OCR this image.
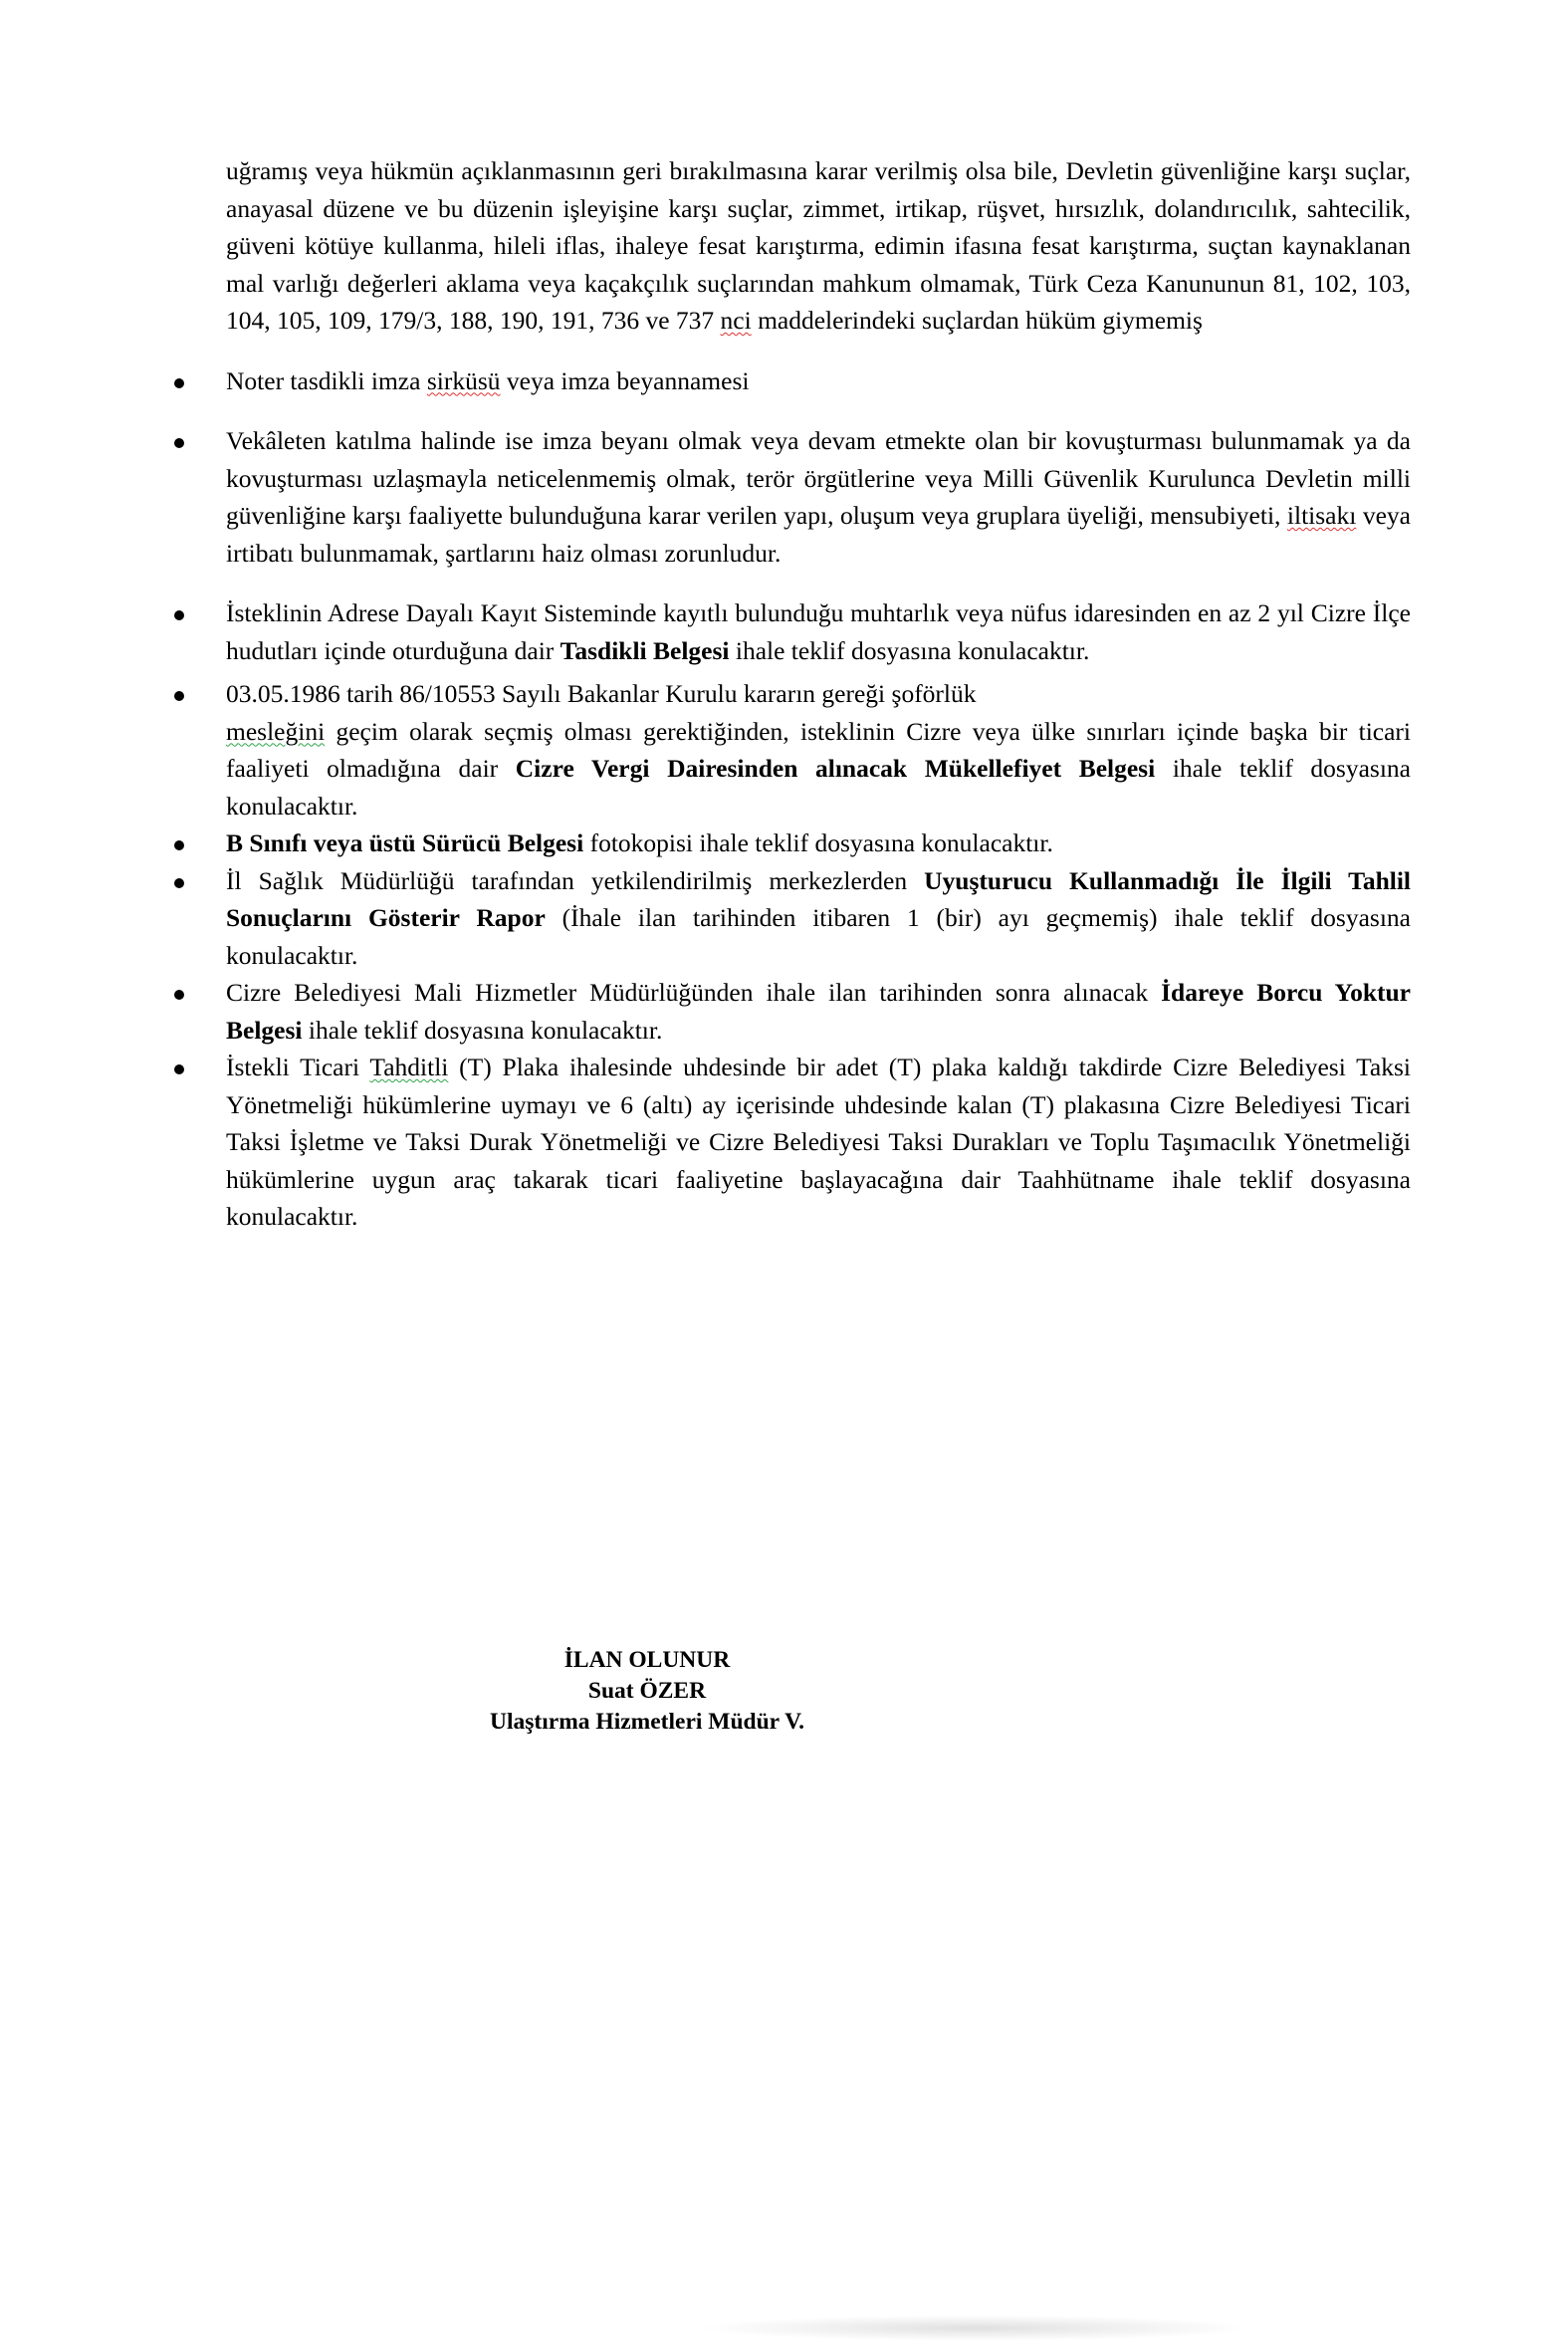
uğramış veya hükmün açıklanmasının geri bırakılmasına karar verilmiş olsa bile, Devletin güvenliğine karşı suçlar, anayasal düzene ve bu düzenin işleyişine karşı suçlar, zimmet, irtikap, rüşvet, hırsızlık, dolandırıcılık, sahtecilik, güveni kötüye kullanma, hileli iflas, ihaleye fesat karıştırma, edimin ifasına fesat karıştırma, suçtan kaynaklanan mal varlığı değerleri aklama veya kaçakçılık suçlarından mahkum olmamak, Türk Ceza Kanununun 81, 102, 103, 104, 105, 109, 179/3, 188, 190, 191, 736 ve 737 nci maddelerindeki suçlardan hüküm giymemiş

Noter tasdikli imza sirküsü veya imza beyannamesi

Vekâleten katılma halinde ise imza beyanı olmak veya devam etmekte olan bir kovuşturması bulunmamak ya da kovuşturması uzlaşmayla neticelenmemiş olmak, terör örgütlerine veya Milli Güvenlik Kurulunca Devletin milli güvenliğine karşı faaliyette bulunduğuna karar verilen yapı, oluşum veya gruplara üyeliği, mensubiyeti, iltisakı veya irtibatı bulunmamak, şartlarını haiz olması zorunludur.

İsteklinin Adrese Dayalı Kayıt Sisteminde kayıtlı bulunduğu muhtarlık veya nüfus idaresinden en az 2 yıl Cizre İlçe hudutları içinde oturduğuna dair Tasdikli Belgesi ihale teklif dosyasına konulacaktır.

03.05.1986 tarih 86/10553 Sayılı Bakanlar Kurulu kararın gereği şoförlük

mesleğini geçim olarak seçmiş olması gerektiğinden, isteklinin Cizre veya ülke sınırları içinde başka bir ticari faaliyeti olmadığına dair Cizre Vergi Dairesinden alınacak Mükellefiyet Belgesi ihale teklif dosyasına konulacaktır.

B Sınıfı veya üstü Sürücü Belgesi fotokopisi ihale teklif dosyasına konulacaktır.

İl Sağlık Müdürlüğü tarafından yetkilendirilmiş merkezlerden Uyuşturucu Kullanmadığı İle İlgili Tahlil Sonuçlarını Gösterir Rapor (İhale ilan tarihinden itibaren 1 (bir) ayı geçmemiş) ihale teklif dosyasına konulacaktır.

Cizre Belediyesi Mali Hizmetler Müdürlüğünden ihale ilan tarihinden sonra alınacak İdareye Borcu Yoktur Belgesi ihale teklif dosyasına konulacaktır.

İstekli Ticari Tahditli (T) Plaka ihalesinde uhdesinde bir adet (T) plaka kaldığı takdirde Cizre Belediyesi Taksi Yönetmeliği hükümlerine uymayı ve 6 (altı) ay içerisinde uhdesinde kalan (T) plakasına Cizre Belediyesi Ticari Taksi İşletme ve Taksi Durak Yönetmeliği ve Cizre Belediyesi Taksi Durakları ve Toplu Taşımacılık Yönetmeliği hükümlerine uygun araç takarak ticari faaliyetine başlayacağına dair Taahhütname ihale teklif dosyasına konulacaktır.

İLAN OLUNUR
Suat ÖZER
Ulaştırma Hizmetleri Müdür V.
